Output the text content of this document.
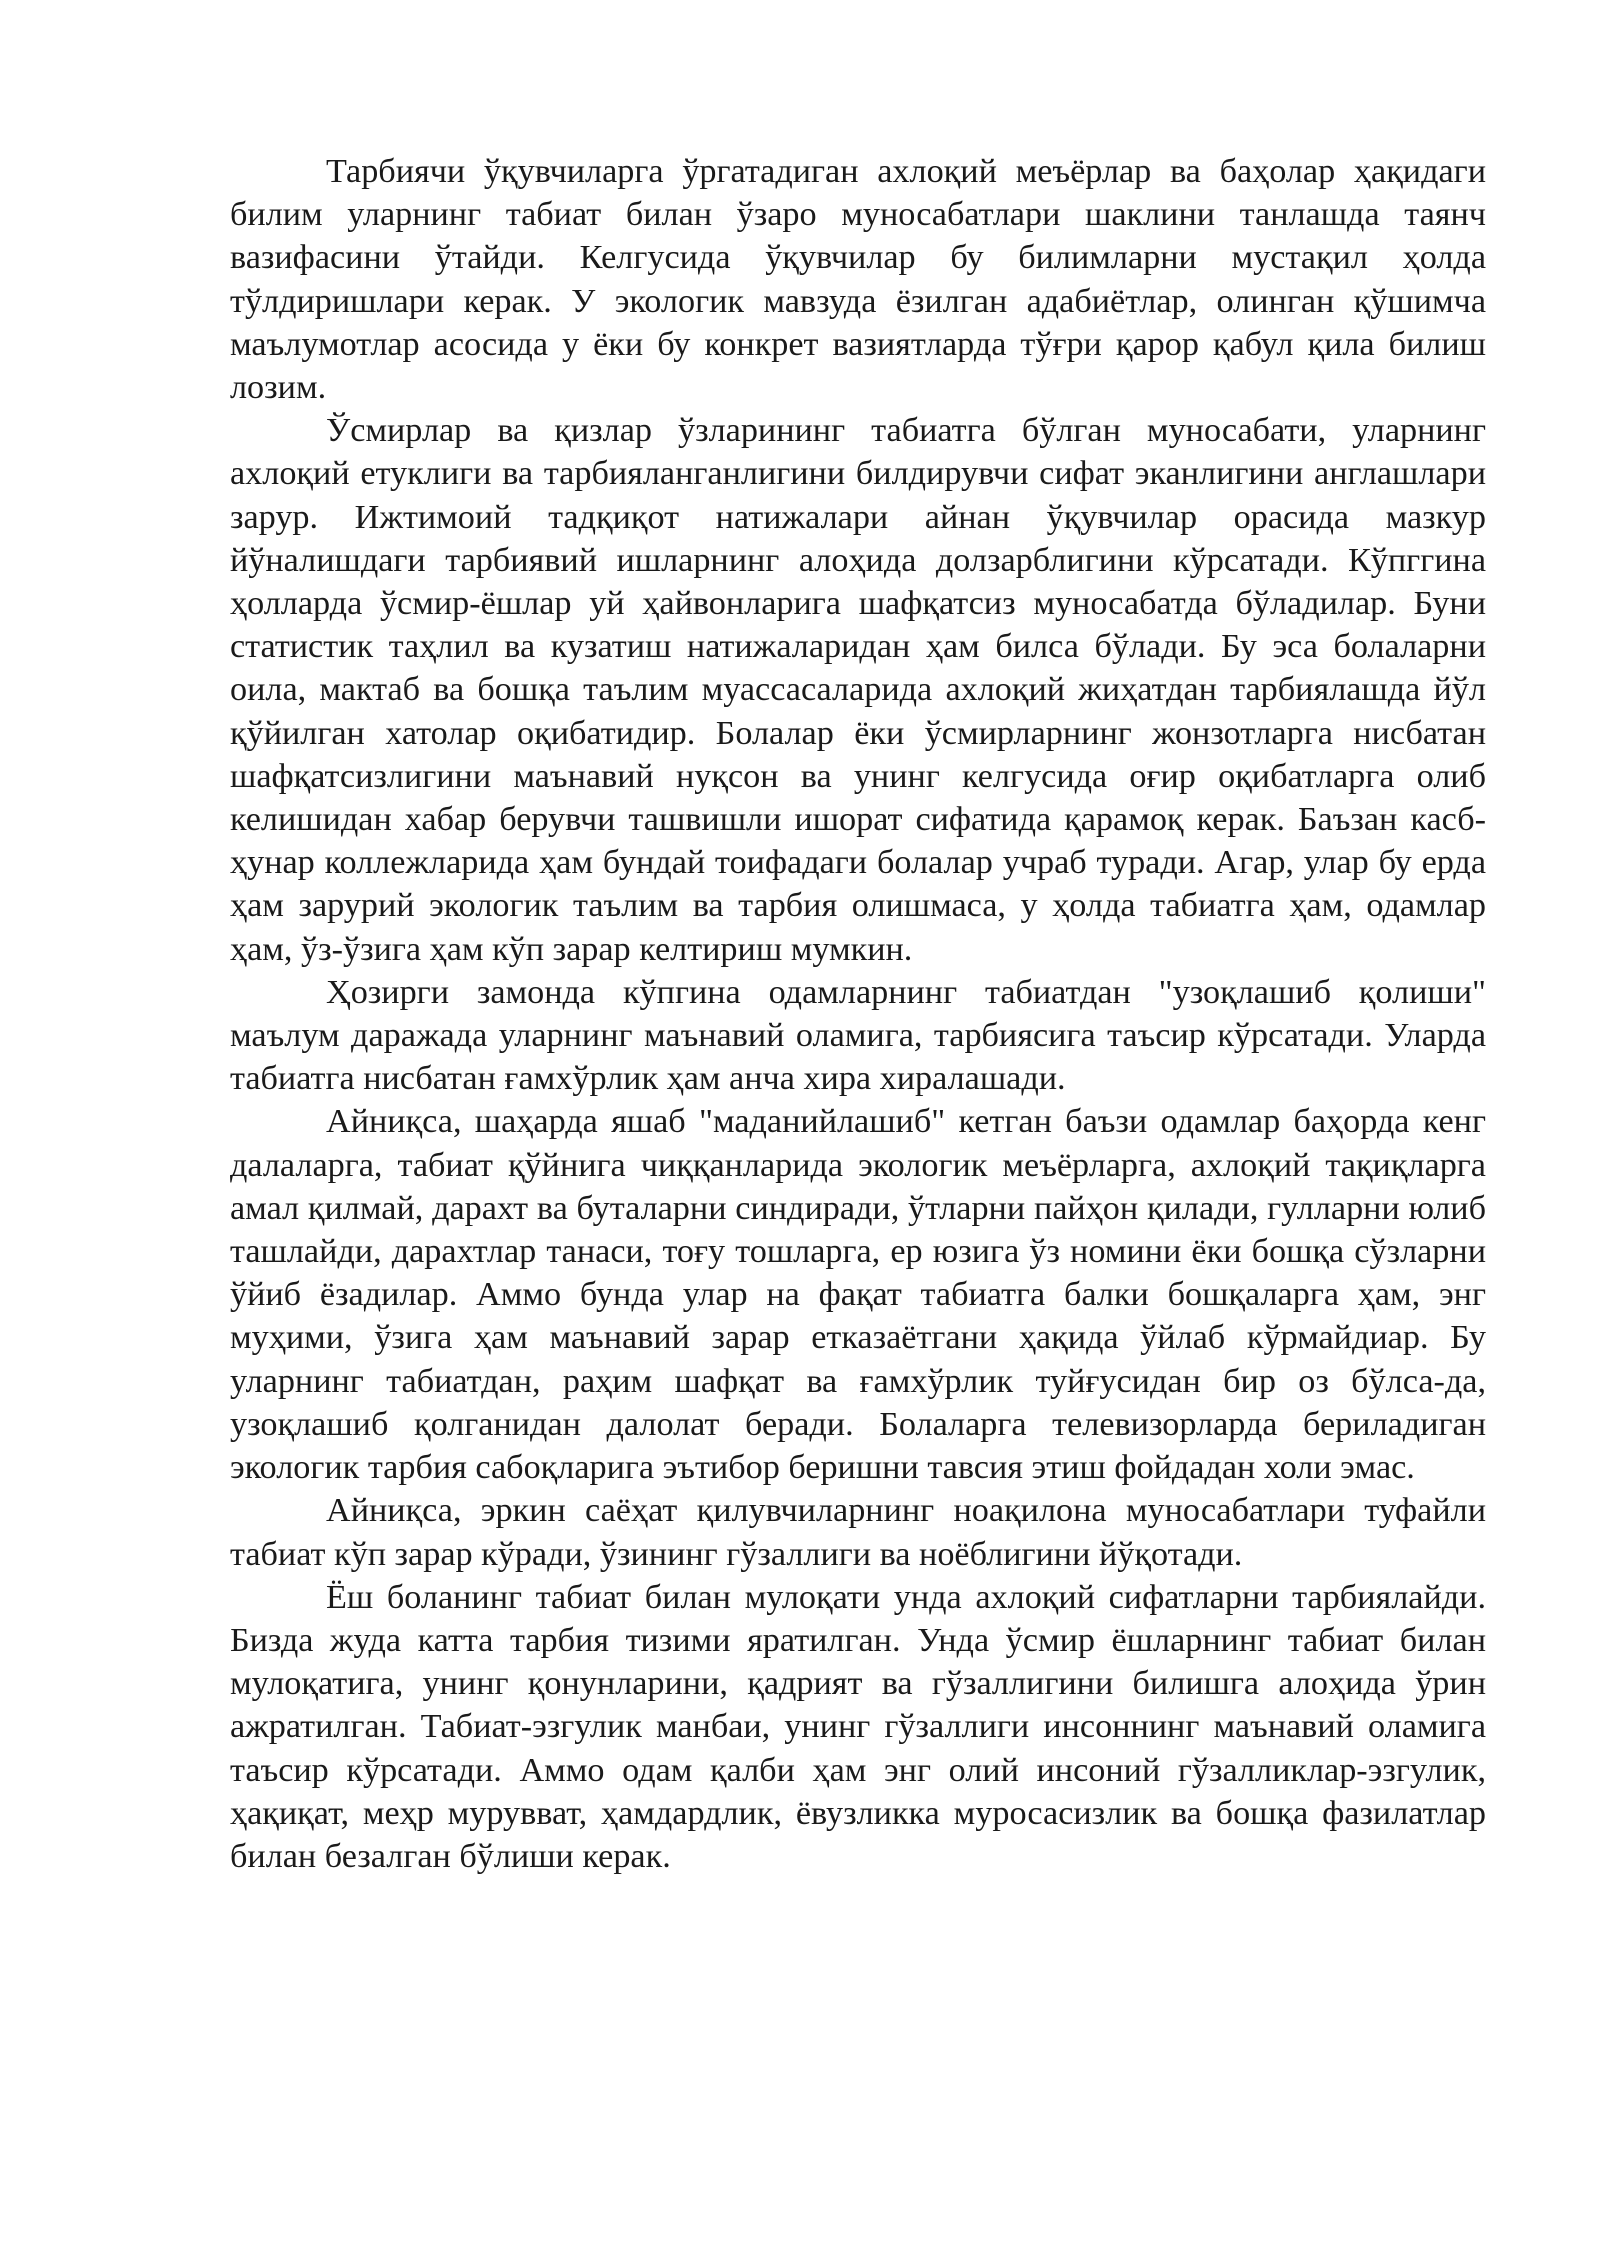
Тарбиячи ўқувчиларга ўргатадиган ахлоқий меъёрлар ва баҳолар ҳақидаги билим уларнинг табиат билан ўзаро муносабатлари шаклини танлашда таянч вазифасини ўтайди. Келгусида ўқувчилар бу билимларни мустақил ҳолда тўлдиришлари керак. У экологик мавзуда ёзилган адабиётлар, олинган қўшимча маълумотлар асосида у ёки бу конкрет вазиятларда тўғри қарор қабул қила билиш лозим.

Ўсмирлар ва қизлар ўзларининг табиатга бўлган муносабати, уларнинг ахлоқий етуклиги ва тарбияланганлигини билдирувчи сифат эканлигини англашлари зарур. Ижтимоий тадқиқот натижалари айнан ўқувчилар орасида мазкур йўналишдаги тарбиявий ишларнинг алоҳида долзарблигини кўрсатади. Кўпггина ҳолларда ўсмир-ёшлар уй ҳайвонларига шафқатсиз муносабатда бўладилар. Буни статистик таҳлил ва кузатиш натижаларидан ҳам билса бўлади. Бу эса болаларни оила, мактаб ва бошқа таълим муассасаларида ахлоқий жиҳатдан тарбиялашда йўл қўйилган хатолар оқибатидир. Болалар ёки ўсмирларнинг жонзотларга нисбатан шафқатсизлигини маънавий нуқсон ва унинг келгусида оғир оқибатларга олиб келишидан хабар берувчи ташвишли ишорат сифатида қарамоқ керак. Баъзан касб-ҳунар коллежларида ҳам бундай тоифадаги болалар учраб туради. Агар, улар бу ерда ҳам зарурий экологик таълим ва тарбия олишмаса, у ҳолда табиатга ҳам, одамлар ҳам, ўз-ўзига ҳам кўп зарар келтириш мумкин.

Ҳозирги замонда кўпгина одамларнинг табиатдан "узоқлашиб қолиши" маълум даражада уларнинг маънавий оламига, тарбиясига таъсир кўрсатади. Уларда табиатга нисбатан ғамхўрлик ҳам анча хира хиралашади.

Айниқса, шаҳарда яшаб "маданийлашиб" кетган баъзи одамлар баҳорда кенг далаларга, табиат қўйнига чиққанларида экологик меъёрларга, ахлоқий тақиқларга амал қилмай, дарахт ва буталарни синдиради, ўтларни пайҳон қилади, гулларни юлиб ташлайди, дарахтлар танаси, тоғу тошларга, ер юзига ўз номини ёки бошқа сўзларни ўйиб ёзадилар. Аммо бунда улар на фақат табиатга балки бошқаларга ҳам, энг муҳими, ўзига ҳам маънавий зарар етказаётгани ҳақида ўйлаб кўрмайдиар. Бу уларнинг табиатдан, раҳим шафқат ва ғамхўрлик туйғусидан бир оз бўлса-да, узоқлашиб қолганидан далолат беради. Болаларга телевизорларда бериладиган экологик тарбия сабоқларига эътибор беришни тавсия этиш фойдадан холи эмас.

Айниқса, эркин саёҳат қилувчиларнинг ноақилона муносабатлари туфайли табиат кўп зарар кўради, ўзининг гўзаллиги ва ноёблигини йўқотади.

Ёш боланинг табиат билан мулоқати унда ахлоқий сифатларни тарбиялайди. Бизда жуда катта тарбия тизими яратилган. Унда ўсмир ёшларнинг табиат билан мулоқатига, унинг қонунларини, қадрият ва гўзаллигини билишга алоҳида ўрин ажратилган. Табиат-эзгулик манбаи, унинг гўзаллиги инсоннинг маънавий оламига таъсир кўрсатади. Аммо одам қалби ҳам энг олий инсоний гўзалликлар-эзгулик, ҳақиқат, меҳр мурувват, ҳамдардлик, ёвузликка муросасизлик ва бошқа фазилатлар билан безалган бўлиши керак.
